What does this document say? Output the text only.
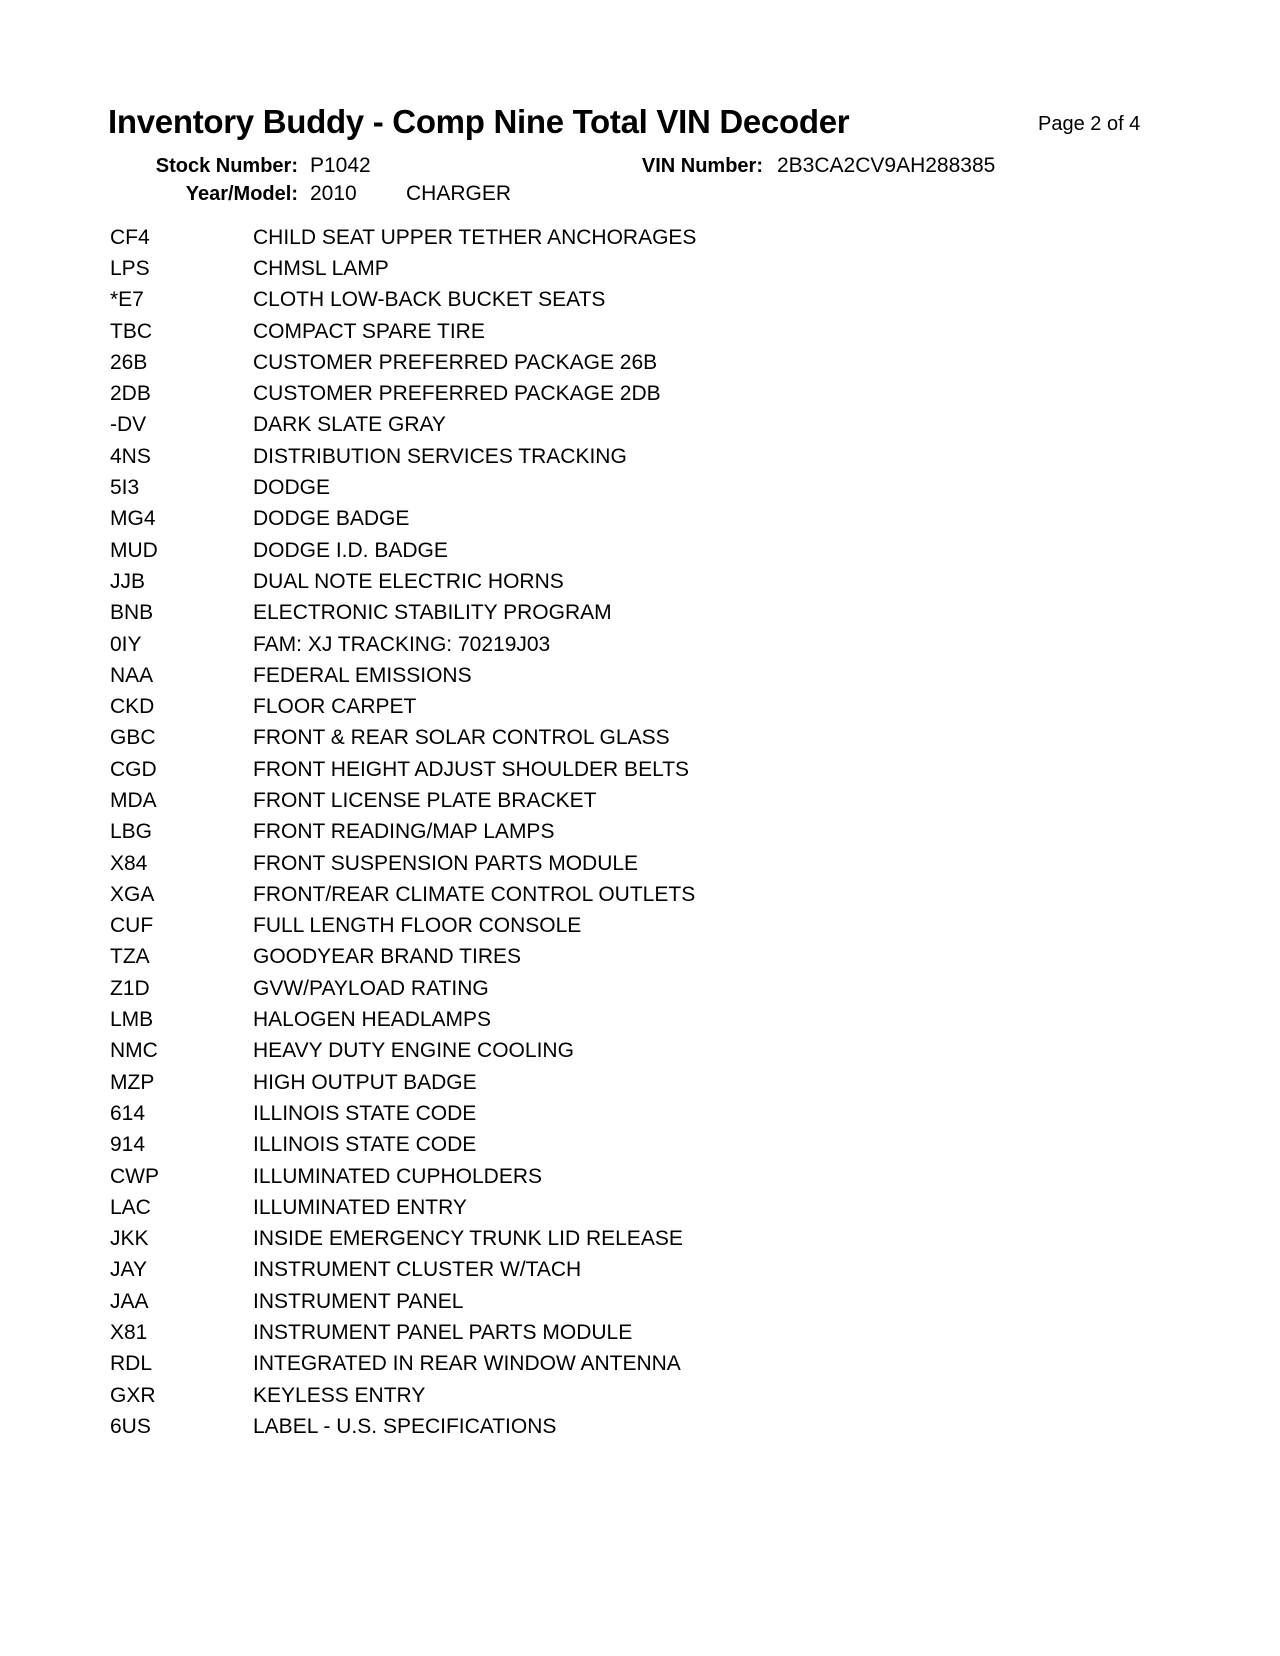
Inventory Buddy - Comp Nine Total VIN Decoder	Page 2 of 4
Stock Number: P1042	VIN Number: 2B3CA2CV9AH288385
Year/Model: 2010 CHARGER
CF4	CHILD SEAT UPPER TETHER ANCHORAGES
LPS	CHMSL LAMP
*E7	CLOTH LOW-BACK BUCKET SEATS
TBC	COMPACT SPARE TIRE
26B	CUSTOMER PREFERRED PACKAGE 26B
2DB	CUSTOMER PREFERRED PACKAGE 2DB
-DV	DARK SLATE GRAY
4NS	DISTRIBUTION SERVICES TRACKING
5I3	DODGE
MG4	DODGE BADGE
MUD	DODGE I.D. BADGE
JJB	DUAL NOTE ELECTRIC HORNS
BNB	ELECTRONIC STABILITY PROGRAM
0IY	FAM: XJ TRACKING: 70219J03
NAA	FEDERAL EMISSIONS
CKD	FLOOR CARPET
GBC	FRONT & REAR SOLAR CONTROL GLASS
CGD	FRONT HEIGHT ADJUST SHOULDER BELTS
MDA	FRONT LICENSE PLATE BRACKET
LBG	FRONT READING/MAP LAMPS
X84	FRONT SUSPENSION PARTS MODULE
XGA	FRONT/REAR CLIMATE CONTROL OUTLETS
CUF	FULL LENGTH FLOOR CONSOLE
TZA	GOODYEAR BRAND TIRES
Z1D	GVW/PAYLOAD RATING
LMB	HALOGEN HEADLAMPS
NMC	HEAVY DUTY ENGINE COOLING
MZP	HIGH OUTPUT BADGE
614	ILLINOIS STATE CODE
914	ILLINOIS STATE CODE
CWP	ILLUMINATED CUPHOLDERS
LAC	ILLUMINATED ENTRY
JKK	INSIDE EMERGENCY TRUNK LID RELEASE
JAY	INSTRUMENT CLUSTER W/TACH
JAA	INSTRUMENT PANEL
X81	INSTRUMENT PANEL PARTS MODULE
RDL	INTEGRATED IN REAR WINDOW ANTENNA
GXR	KEYLESS ENTRY
6US	LABEL - U.S. SPECIFICATIONS
